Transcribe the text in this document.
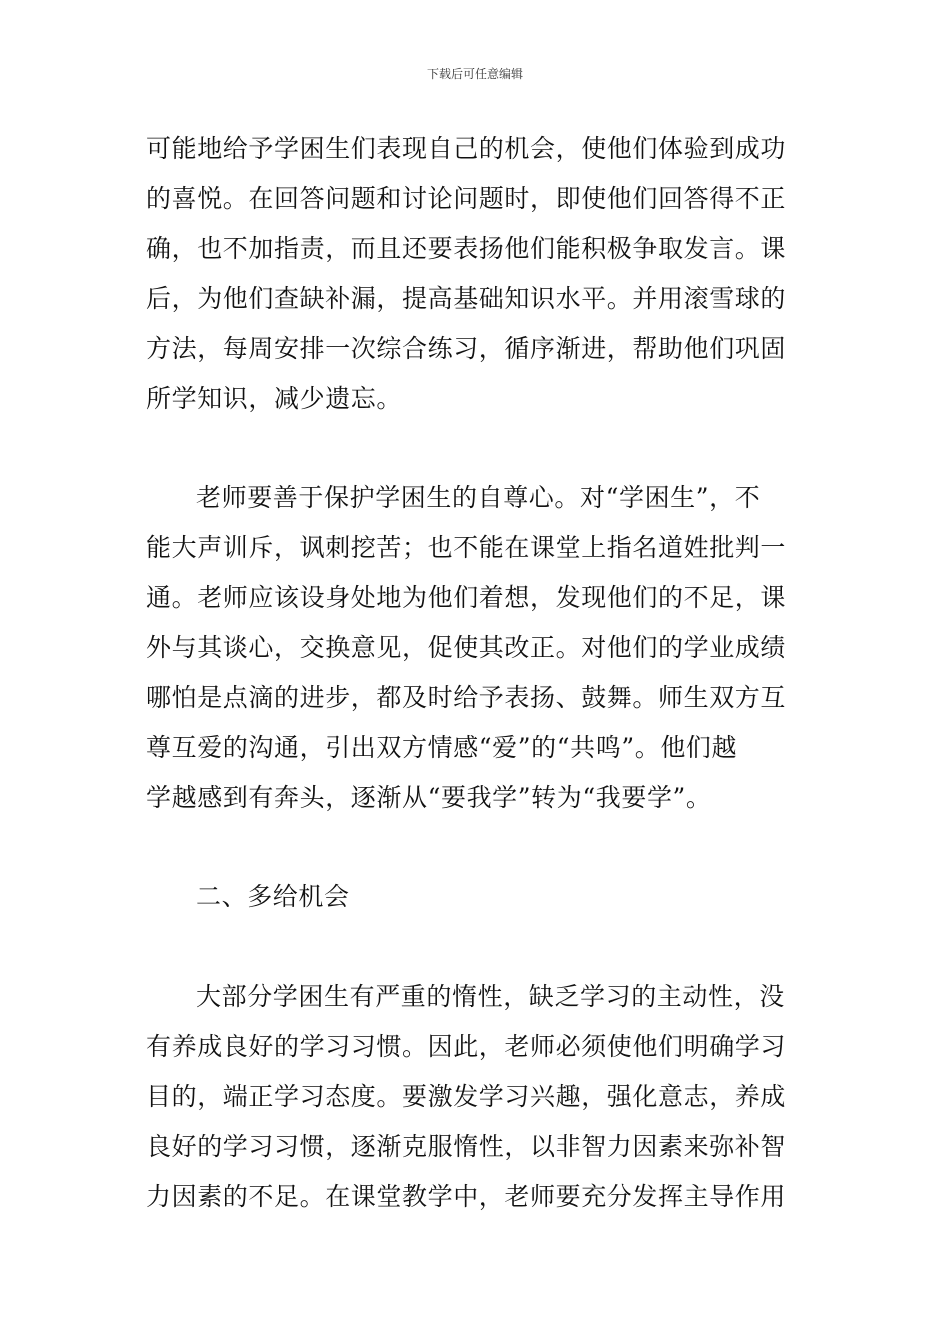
下载后可任意编辑
可能地给予学困生们表现自己的机会，使他们体验到成功
的喜悦。在回答问题和讨论问题时，即使他们回答得不正
确，也不加指责，而且还要表扬他们能积极争取发言。课
后，为他们查缺补漏，提高基础知识水平。并用滚雪球的
方法，每周安排一次综合练习，循序渐进，帮助他们巩固
所学知识，减少遗忘。
老师要善于保护学困生的自尊心。对“学困生”，不
能大声训斥，讽刺挖苦；也不能在课堂上指名道姓批判一
通。老师应该设身处地为他们着想，发现他们的不足，课
外与其谈心，交换意见，促使其改正。对他们的学业成绩
哪怕是点滴的进步，都及时给予表扬、鼓舞。师生双方互
尊互爱的沟通，引出双方情感“爱”的“共鸣”。他们越
学越感到有奔头，逐渐从“要我学”转为“我要学”。
二、多给机会
大部分学困生有严重的惰性，缺乏学习的主动性，没
有养成良好的学习习惯。因此，老师必须使他们明确学习
目的，端正学习态度。要激发学习兴趣，强化意志，养成
良好的学习习惯，逐渐克服惰性，以非智力因素来弥补智
力因素的不足。在课堂教学中，老师要充分发挥主导作用
